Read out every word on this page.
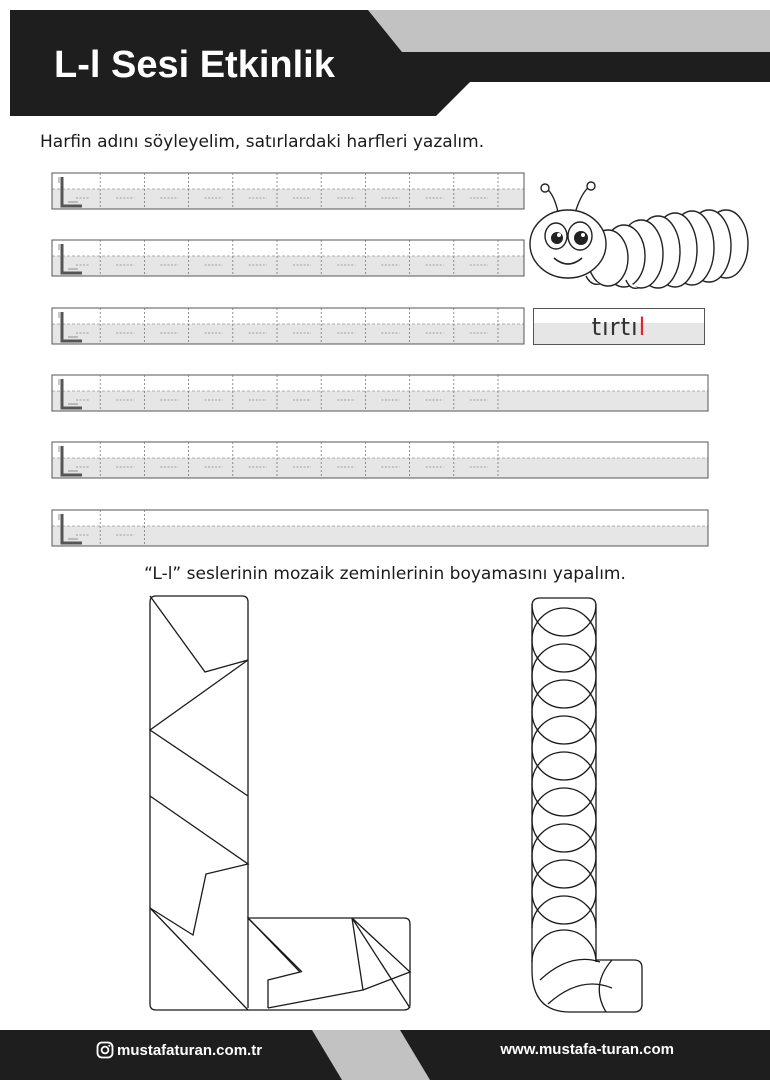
L-l Sesi Etkinlik
Harfin adını söyleyelim, satırlardaki harfleri yazalım.
tırtıl
“L-l” seslerinin mozaik zeminlerinin boyamasını yapalım.
mustafaturan.com.tr	www.mustafa-turan.com
